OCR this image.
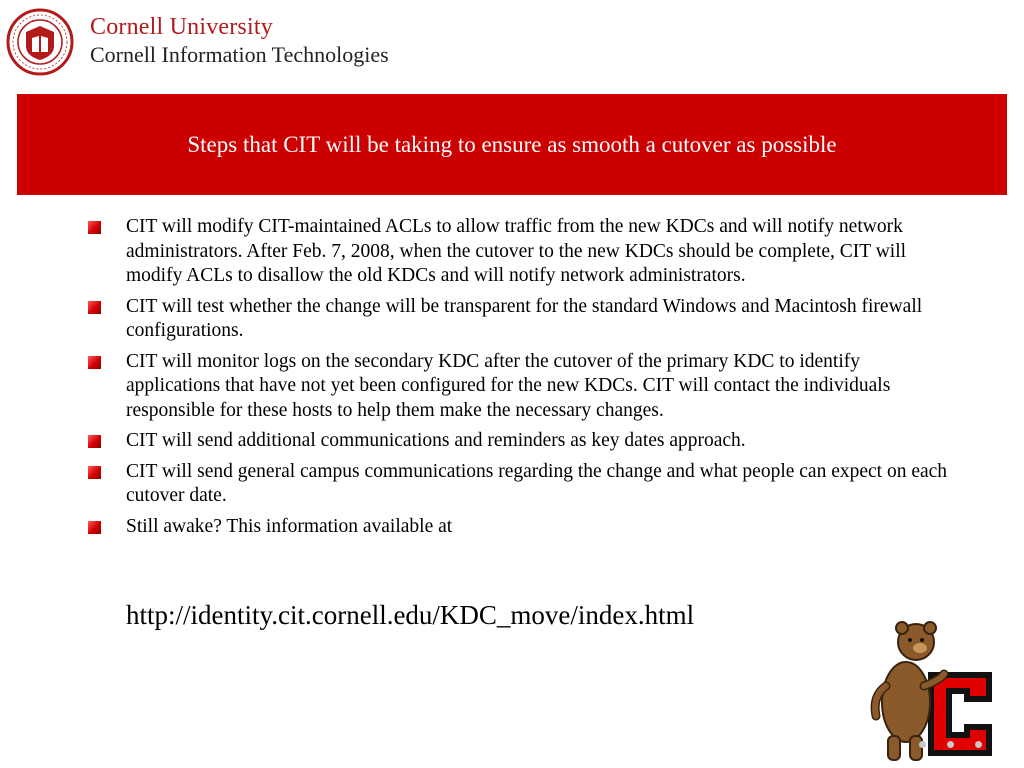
Cornell University
Cornell Information Technologies
Steps that CIT will be taking to ensure as smooth a cutover as possible
CIT will modify CIT-maintained ACLs to allow traffic from the new KDCs and will notify network administrators. After Feb. 7, 2008, when the cutover to the new KDCs should be complete, CIT will modify ACLs to disallow the old KDCs and will notify network administrators.
CIT will test whether the change will be transparent for the standard Windows and Macintosh firewall configurations.
CIT will monitor logs on the secondary KDC after the cutover of the primary KDC to identify applications that have not yet been configured for the new KDCs. CIT will contact the individuals responsible for these hosts to help them make the necessary changes.
CIT will send additional communications and reminders as key dates approach.
CIT will send general campus communications regarding the change and what people can expect on each cutover date.
Still awake? This information available at
http://identity.cit.cornell.edu/KDC_move/index.html
